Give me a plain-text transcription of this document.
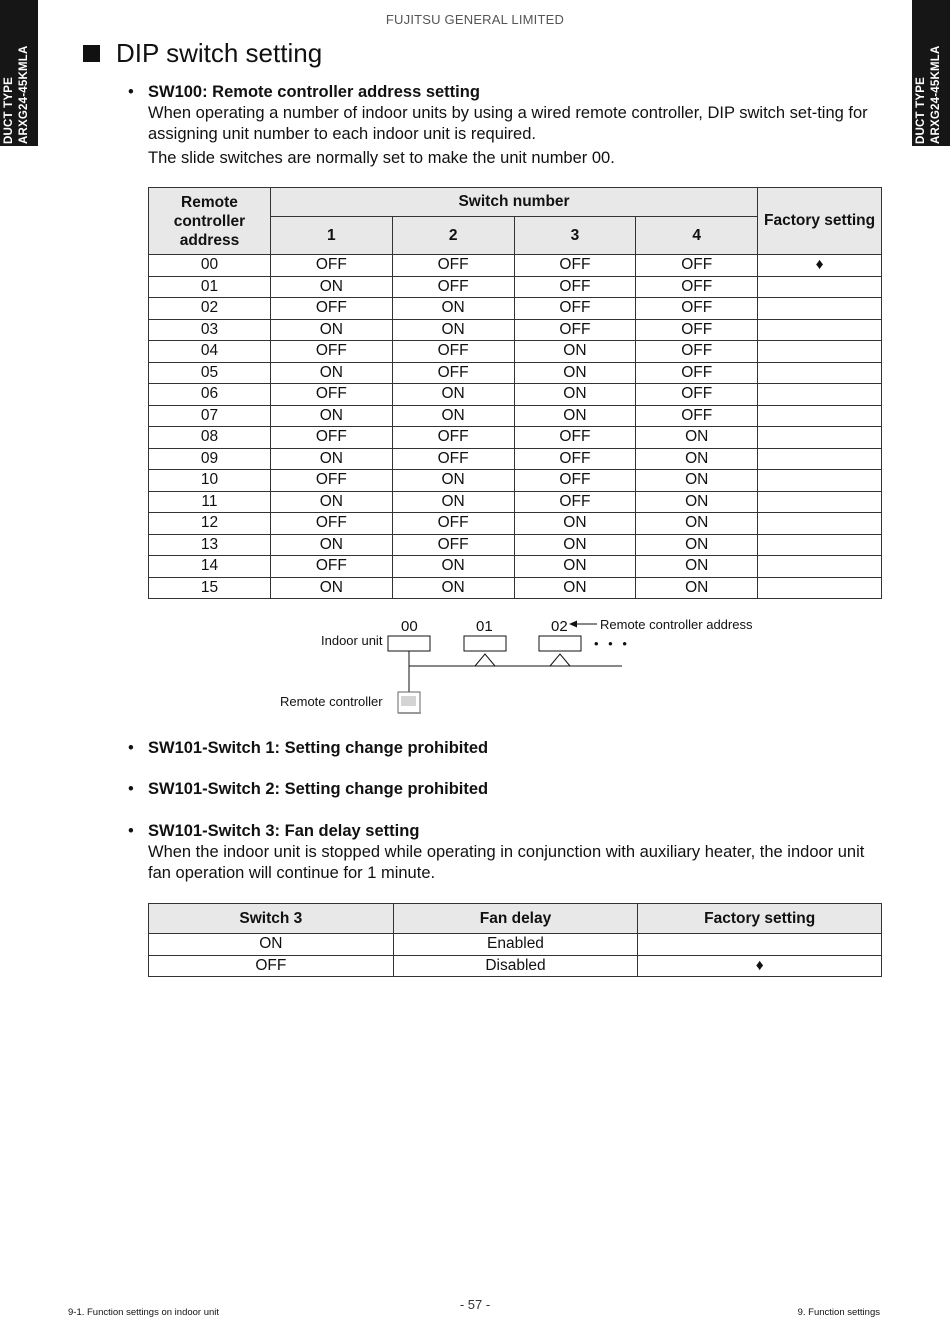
DUCT TYPE ARXG24-45KMLA	DUCT TYPE ARXG24-45KMLA
FUJITSU GENERAL LIMITED
DIP switch setting
• SW100: Remote controller address setting
When operating a number of indoor units by using a wired remote controller, DIP switch set-ting for assigning unit number to each indoor unit is required.
The slide switches are normally set to make the unit number 00.
Remote controller address	Switch number				Factory setting
	1	2	3	4	
00	OFF	OFF	OFF	OFF	♦
01	ON	OFF	OFF	OFF	
02	OFF	ON	OFF	OFF	
03	ON	ON	OFF	OFF	
04	OFF	OFF	ON	OFF	
05	ON	OFF	ON	OFF	
06	OFF	ON	ON	OFF	
07	ON	ON	ON	OFF	
08	OFF	OFF	OFF	ON	
09	ON	OFF	OFF	ON	
10	OFF	ON	OFF	ON	
11	ON	ON	OFF	ON	
12	OFF	OFF	ON	ON	
13	ON	OFF	ON	ON	
14	OFF	ON	ON	ON	
15	ON	ON	ON	ON	
Indoor unit
00	01	02 Remote controller address
• • •
Remote controller
• SW101-Switch 1: Setting change prohibited
• SW101-Switch 2: Setting change prohibited
• SW101-Switch 3: Fan delay setting
When the indoor unit is stopped while operating in conjunction with auxiliary heater, the indoor unit fan operation will continue for 1 minute.
Switch 3	Fan delay	Factory setting
ON	Enabled	
OFF	Disabled	♦
- 57 -
9-1. Function settings on indoor unit	9. Function settings
